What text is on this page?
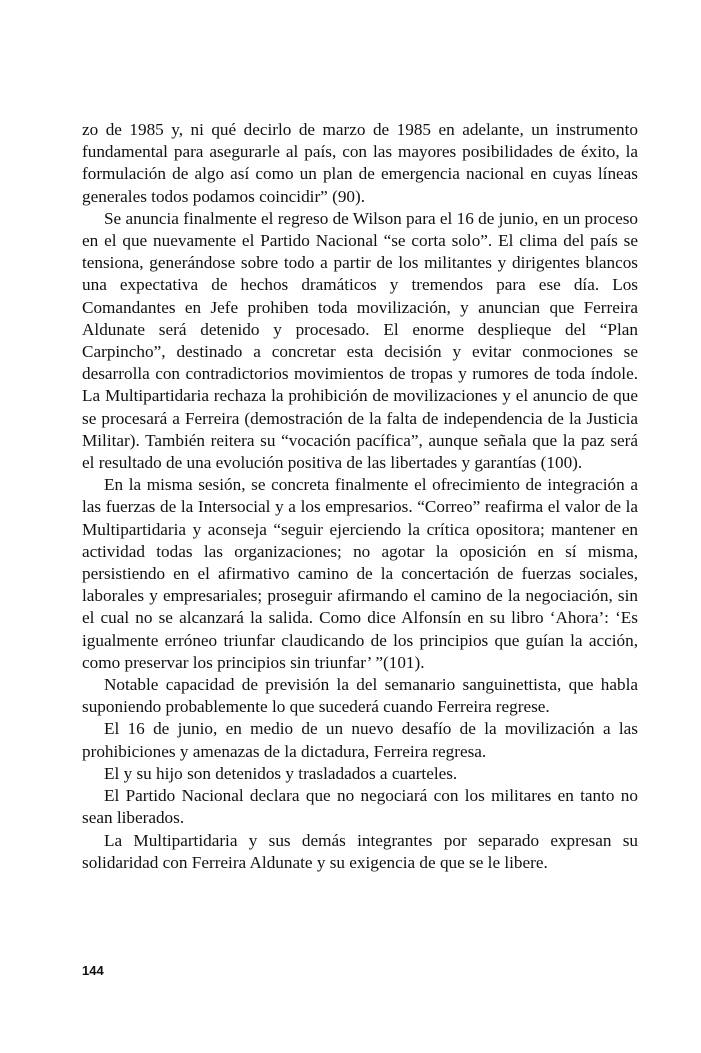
zo de 1985 y, ni qué decirlo de marzo de 1985 en adelante, un instrumento fundamental para asegurarle al país, con las mayores posibilidades de éxito, la formulación de algo así como un plan de emergencia nacional en cuyas líneas generales todos podamos coincidir” (90).

Se anuncia finalmente el regreso de Wilson para el 16 de junio, en un proceso en el que nuevamente el Partido Nacional “se corta solo”. El clima del país se tensiona, generándose sobre todo a partir de los militantes y dirigentes blancos una expectativa de hechos dramáticos y tremendos para ese día. Los Comandantes en Jefe prohiben toda movilización, y anuncian que Ferreira Aldunate será detenido y procesado. El enorme desplieque del “Plan Carpincho”, destinado a concretar esta decisión y evitar conmociones se desarrolla con contradictorios movimientos de tropas y rumores de toda índole. La Multipartidaria rechaza la prohibición de movilizaciones y el anuncio de que se procesará a Ferreira (demostración de la falta de independencia de la Justicia Militar). También reitera su “vocación pacífica”, aunque señala que la paz será el resultado de una evolución positiva de las libertades y garantías (100).

En la misma sesión, se concreta finalmente el ofrecimiento de integración a las fuerzas de la Intersocial y a los empresarios. “Correo” reafirma el valor de la Multipartidaria y aconseja “seguir ejerciendo la crítica opositora; mantener en actividad todas las organizaciones; no agotar la oposición en sí misma, persistiendo en el afirmativo camino de la concertación de fuerzas sociales, laborales y empresariales; proseguir afirmando el camino de la negociación, sin el cual no se alcanzará la salida. Como dice Alfonsín en su libro ‘Ahora’: ‘Es igualmente erróneo triunfar claudicando de los principios que guían la acción, como preservar los principios sin triunfar’ ”(101).

Notable capacidad de previsión la del semanario sanguinettista, que habla suponiendo probablemente lo que sucederá cuando Ferreira regrese.

El 16 de junio, en medio de un nuevo desafío de la movilización a las prohibiciones y amenazas de la dictadura, Ferreira regresa.

El y su hijo son detenidos y trasladados a cuarteles.

El Partido Nacional declara que no negociará con los militares en tanto no sean liberados.

La Multipartidaria y sus demás integrantes por separado expresan su solidaridad con Ferreira Aldunate y su exigencia de que se le libere.

144
